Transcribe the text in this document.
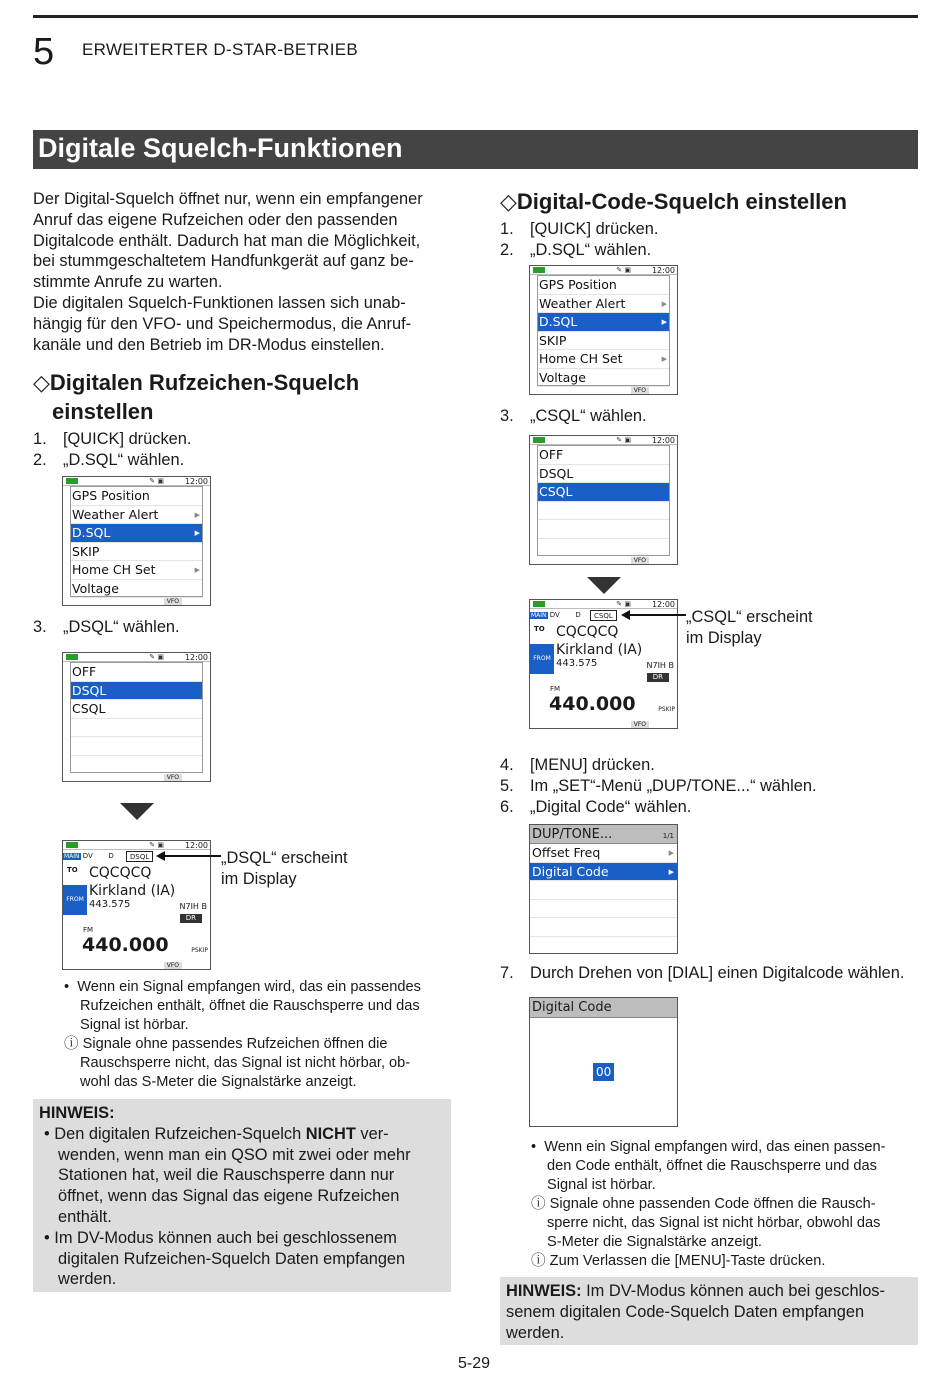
5 ERWEITERTER D-STAR-BETRIEB
Digitale Squelch-Funktionen
Der Digital-Squelch öffnet nur, wenn ein empfangener
Anruf das eigene Rufzeichen oder den passenden
Digitalcode enthält. Dadurch hat man die Möglichkeit,
bei stummgeschaltetem Handfunkgerät auf ganz be-
stimmte Anrufe zu warten.
Die digitalen Squelch-Funktionen lassen sich unab-
hängig für den VFO- und Speichermodus, die Anruf-
kanäle und den Betrieb im DR-Modus einstellen.
◇Digitalen Rufzeichen-Squelch
einstellen
1. [QUICK] drücken.
2. „D.SQL“ wählen.
✎ ▣	12:00
GPS Position
Weather Alert	▶
D.SQL	▶
SKIP
Home CH Set	▶
Voltage
VFO
3. „DSQL“ wählen.
✎ ▣	12:00
OFF
DSQL
CSQL
VFO
✎ ▣	12:00
MAIN DV D	DSQL
TO CQCQCQ
FROM
Kirkland (IA)
443.575	N7IH B
DR
FM
440.000	PSKIP
VFO
„DSQL“ erscheint
im Display
• Wenn ein Signal empfangen wird, das ein passendes
Rufzeichen enthält, öffnet die Rauschsperre und das
Signal ist hörbar.
ⓘ Signale ohne passendes Rufzeichen öffnen die
Rauschsperre nicht, das Signal ist nicht hörbar, ob-
wohl das S-Meter die Signalstärke anzeigt.
HINWEIS:
• Den digitalen Rufzeichen-Squelch NICHT ver-
wenden, wenn man ein QSO mit zwei oder mehr
Stationen hat, weil die Rauschsperre dann nur
öffnet, wenn das Signal das eigene Rufzeichen
enthält.
• Im DV-Modus können auch bei geschlossenem
digitalen Rufzeichen-Squelch Daten empfangen
werden.
◇Digital-Code-Squelch einstellen
1. [QUICK] drücken.
2. „D.SQL“ wählen.
✎ ▣	12:00
GPS Position
Weather Alert	▶
D.SQL	▶
SKIP
Home CH Set	▶
Voltage
VFO
3. „CSQL“ wählen.
✎ ▣	12:00
OFF
DSQL
CSQL
VFO
✎ ▣	12:00
MAIN DV D	CSQL
TO CQCQCQ
FROM
Kirkland (IA)
443.575	N7IH B
DR
FM
440.000	PSKIP
VFO
„CSQL“ erscheint
im Display
4. [MENU] drücken.
5. Im „SET“-Menü „DUP/TONE...“ wählen.
6. „Digital Code“ wählen.
DUP/TONE...	1/1
Offset Freq	▶
Digital Code	▶
7. Durch Drehen von [DIAL] einen Digitalcode wählen.
Digital Code
00
• Wenn ein Signal empfangen wird, das einen passen-
den Code enthält, öffnet die Rauschsperre und das
Signal ist hörbar.
ⓘ Signale ohne passenden Code öffnen die Rausch-
sperre nicht, das Signal ist nicht hörbar, obwohl das
S-Meter die Signalstärke anzeigt.
ⓘ Zum Verlassen die [MENU]-Taste drücken.
HINWEIS: Im DV-Modus können auch bei geschlos-
senem digitalen Code-Squelch Daten empfangen
werden.
5-29
